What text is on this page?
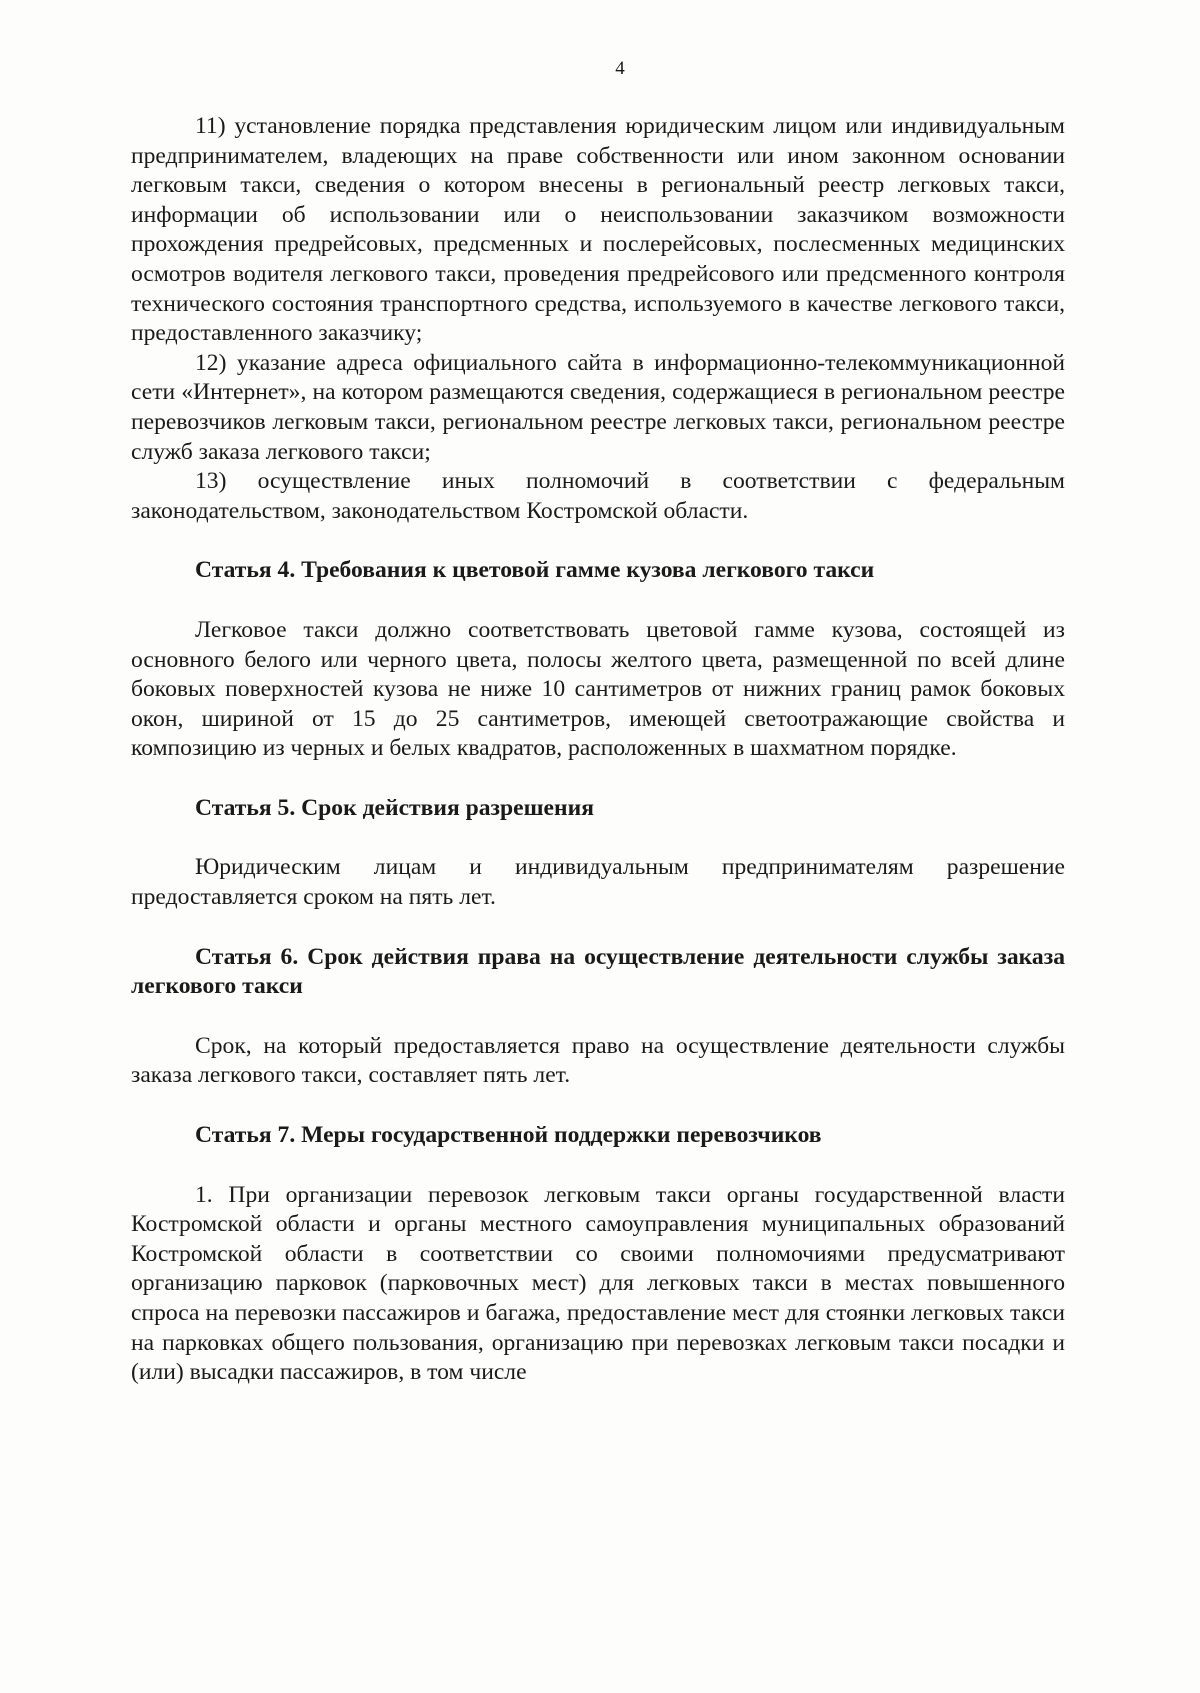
4

11) установление порядка представления юридическим лицом или индивидуальным предпринимателем, владеющих на праве собственности или ином законном основании легковым такси, сведения о котором внесены в региональный реестр легковых такси, информации об использовании или о неиспользовании заказчиком возможности прохождения предрейсовых, предсменных и послерейсовых, послесменных медицинских осмотров водителя легкового такси, проведения предрейсового или предсменного контроля технического состояния транспортного средства, используемого в качестве легкового такси, предоставленного заказчику;

12) указание адреса официального сайта в информационно-телекоммуникационной сети «Интернет», на котором размещаются сведения, содержащиеся в региональном реестре перевозчиков легковым такси, региональном реестре легковых такси, региональном реестре служб заказа легкового такси;

13) осуществление иных полномочий в соответствии с федеральным законодательством, законодательством Костромской области.

Статья 4. Требования к цветовой гамме кузова легкового такси

Легковое такси должно соответствовать цветовой гамме кузова, состоящей из основного белого или черного цвета, полосы желтого цвета, размещенной по всей длине боковых поверхностей кузова не ниже 10 сантиметров от нижних границ рамок боковых окон, шириной от 15 до 25 сантиметров, имеющей светоотражающие свойства и композицию из черных и белых квадратов, расположенных в шахматном порядке.

Статья 5. Срок действия разрешения

Юридическим лицам и индивидуальным предпринимателям разрешение предоставляется сроком на пять лет.

Статья 6. Срок действия права на осуществление деятельности службы заказа легкового такси

Срок, на который предоставляется право на осуществление деятельности службы заказа легкового такси, составляет пять лет.

Статья 7. Меры государственной поддержки перевозчиков

1. При организации перевозок легковым такси органы государственной власти Костромской области и органы местного самоуправления муниципальных образований Костромской области в соответствии со своими полномочиями предусматривают организацию парковок (парковочных мест) для легковых такси в местах повышенного спроса на перевозки пассажиров и багажа, предоставление мест для стоянки легковых такси на парковках общего пользования, организацию при перевозках легковым такси посадки и (или) высадки пассажиров, в том числе
